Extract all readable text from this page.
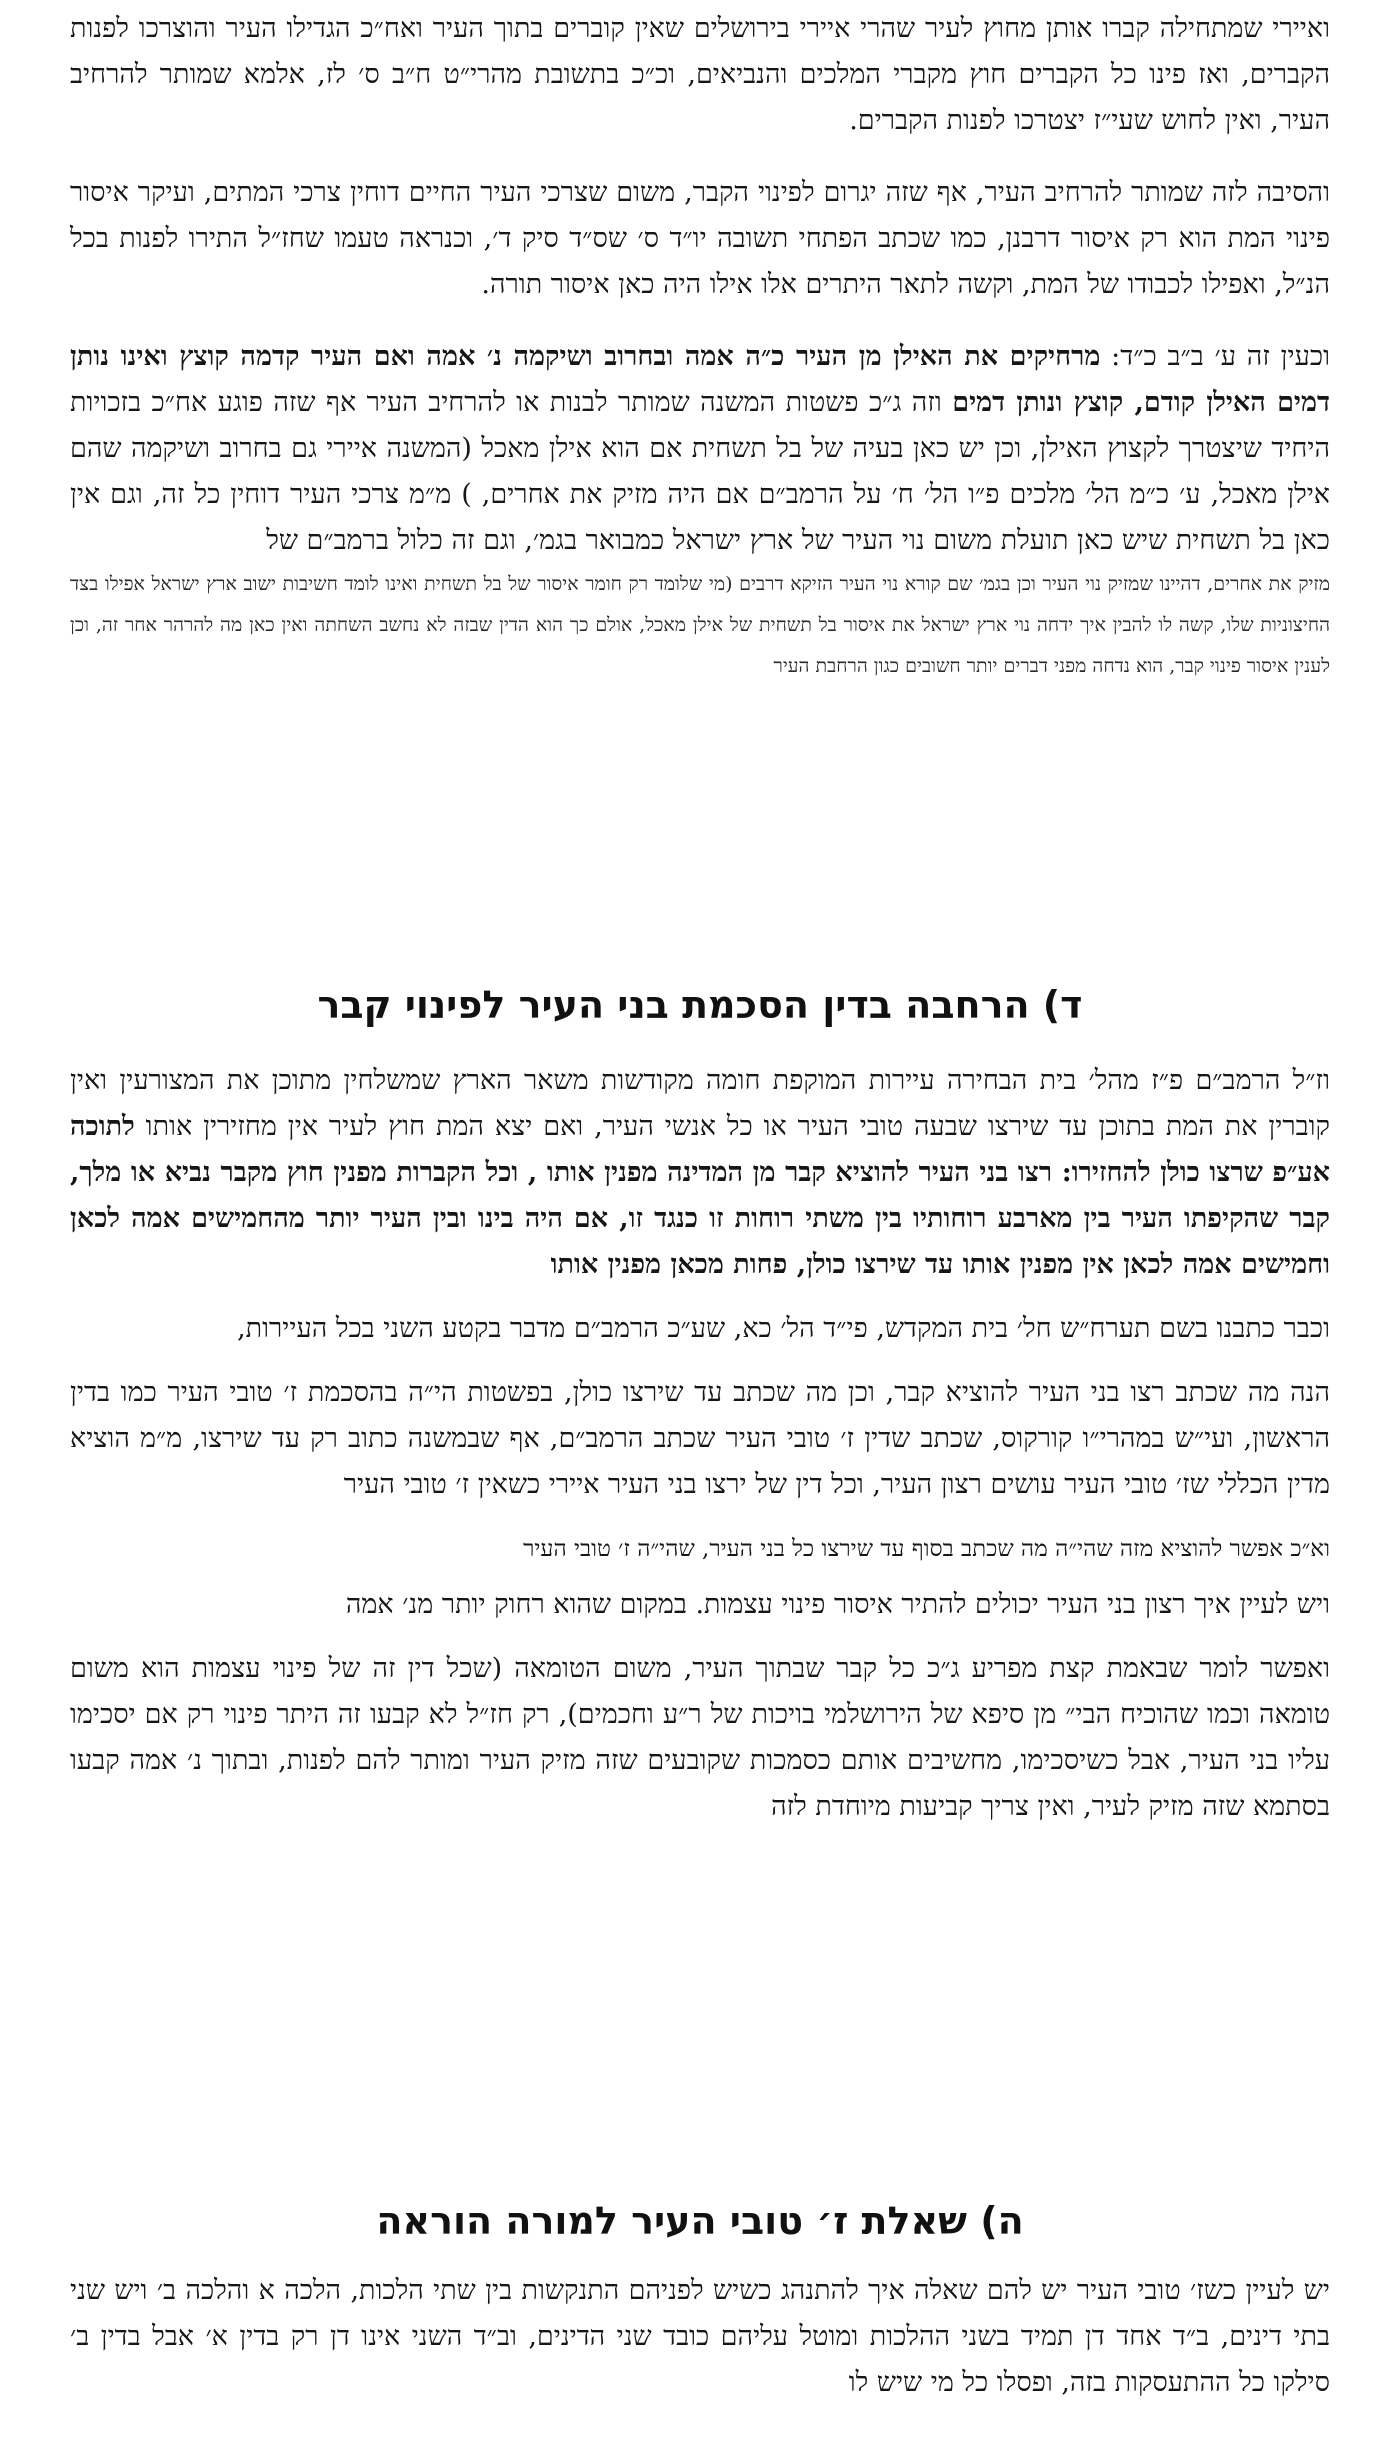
ואיירי שמתחילה קברו אותן מחוץ לעיר שהרי איירי בירושלים שאין קוברים בתוך העיר ואח״כ הגדילו העיר והוצרכו לפנות הקברים, ואז פינו כל הקברים חוץ מקברי המלכים והנביאים, וכ״כ בתשובת מהרי״ט ח״ב ס׳ לז, אלמא שמותר להרחיב העיר, ואין לחוש שעי״ז יצטרכו לפנות הקברים.

והסיבה לזה שמותר להרחיב העיר, אף שזה יגרום לפינוי הקבר, משום שצרכי העיר החיים דוחין צרכי המתים, ועיקר איסור פינוי המת הוא רק איסור דרבנן, כמו שכתב הפתחי תשובה יו״ד ס׳ שס״ד סיק ד׳, וכנראה טעמו שחז״ל התירו לפנות בכל הנ״ל, ואפילו לכבודו של המת, וקשה לתאר היתרים אלו אילו היה כאן איסור תורה.

וכעין זה ע׳ ב״ב כ״ד: מרחיקים את האילן מן העיר כ״ה אמה ובחרוב ושיקמה נ׳ אמה ואם העיר קדמה קוצץ ואינו נותן דמים האילן קודם, קוצץ ונותן דמים וזה ג״כ פשטות המשנה שמותר לבנות או להרחיב העיר אף שזה פוגע אח״כ בזכויות היחיד שיצטרך לקצוץ האילן, וכן יש כאן בעיה של בל תשחית אם הוא אילן מאכל (המשנה איירי גם בחרוב ושיקמה שהם אילן מאכל, ע׳ כ״מ הל׳ מלכים פ״ו הל׳ ח׳ על הרמב״ם אם היה מזיק את אחרים, ) מ״מ צרכי העיר דוחין כל זה, וגם אין כאן בל תשחית שיש כאן תועלת משום נוי העיר של ארץ ישראל כמבואר בגמ׳, וגם זה כלול ברמב״ם של

מזיק את אחרים, דהיינו שמזיק נוי העיר וכן בגמ׳ שם קורא נוי העיר הזיקא דרבים (מי שלומד רק חומר איסור של בל תשחית ואינו לומד חשיבות ישוב ארץ ישראל אפילו בצד החיצוניות שלו, קשה לו להבין איך ידחה נוי ארץ ישראל את איסור בל תשחית של אילן מאכל, אולם כך הוא הדין שבזה לא נחשב השחתה ואין כאן מה להרהר אחר זה, וכן לענין איסור פינוי קבר, הוא נדחה מפני דברים יותר חשובים כגון הרחבת העיר

ד) הרחבה בדין הסכמת בני העיר לפינוי קבר

וז״ל הרמב״ם פ״ז מהל׳ בית הבחירה עיירות המוקפת חומה מקודשות משאר הארץ שמשלחין מתוכן את המצורעין ואין קוברין את המת בתוכן עד שירצו שבעה טובי העיר או כל אנשי העיר, ואם יצא המת חוץ לעיר אין מחזירין אותו לתוכה אע״פ שרצו כולן להחזירו: רצו בני העיר להוציא קבר מן המדינה מפנין אותו , וכל הקברות מפנין חוץ מקבר נביא או מלך, קבר שהקיפתו העיר בין מארבע רוחותיו בין משתי רוחות זו כנגד זו, אם היה בינו ובין העיר יותר מהחמישים אמה לכאן וחמישים אמה לכאן אין מפנין אותו עד שירצו כולן, פחות מכאן מפנין אותו

וכבר כתבנו בשם תערח״ש חל׳ בית המקדש, פי״ד הל׳ כא, שע״כ הרמב״ם מדבר בקטע השני בכל העיירות,

הנה מה שכתב רצו בני העיר להוציא קבר, וכן מה שכתב עד שירצו כולן, בפשטות הי״ה בהסכמת ז׳ טובי העיר כמו בדין הראשון, ועי״ש במהרי״ו קורקוס, שכתב שדין ז׳ טובי העיר שכתב הרמב״ם, אף שבמשנה כתוב רק עד שירצו, מ״מ הוציא מדין הכללי שז׳ טובי העיר עושים רצון העיר, וכל דין של ירצו בני העיר איירי כשאין ז׳ טובי העיר

וא״כ אפשר להוציא מזה שהי״ה מה שכתב בסוף עד שירצו כל בני העיר, שהי״ה ז׳ טובי העיר

ויש לעיין איך רצון בני העיר יכולים להתיר איסור פינוי עצמות. במקום שהוא רחוק יותר מנ׳ אמה

ואפשר לומר שבאמת קצת מפריע ג״כ כל קבר שבתוך העיר, משום הטומאה (שכל דין זה של פינוי עצמות הוא משום טומאה וכמו שהוכיח הבי״ מן סיפא של הירושלמי בויכות של ר״ע וחכמים), רק חז״ל לא קבעו זה היתר פינוי רק אם יסכימו עליו בני העיר, אבל כשיסכימו, מחשיבים אותם כסמכות שקובעים שזה מזיק העיר ומותר להם לפנות, ובתוך נ׳ אמה קבעו בסתמא שזה מזיק לעיר, ואין צריך קביעות מיוחדת לזה

ה) שאלת ז׳ טובי העיר למורה הוראה

יש לעיין כשז׳ טובי העיר יש להם שאלה איך להתנהג כשיש לפניהם התנקשות בין שתי הלכות, הלכה א והלכה ב׳ ויש שני בתי דינים, ב״ד אחד דן תמיד בשני ההלכות ומוטל עליהם כובד שני הדינים, וב״ד השני אינו דן רק בדין א׳ אבל בדין ב׳ סילקו כל ההתעסקות בזה, ופסלו כל מי שיש לו
